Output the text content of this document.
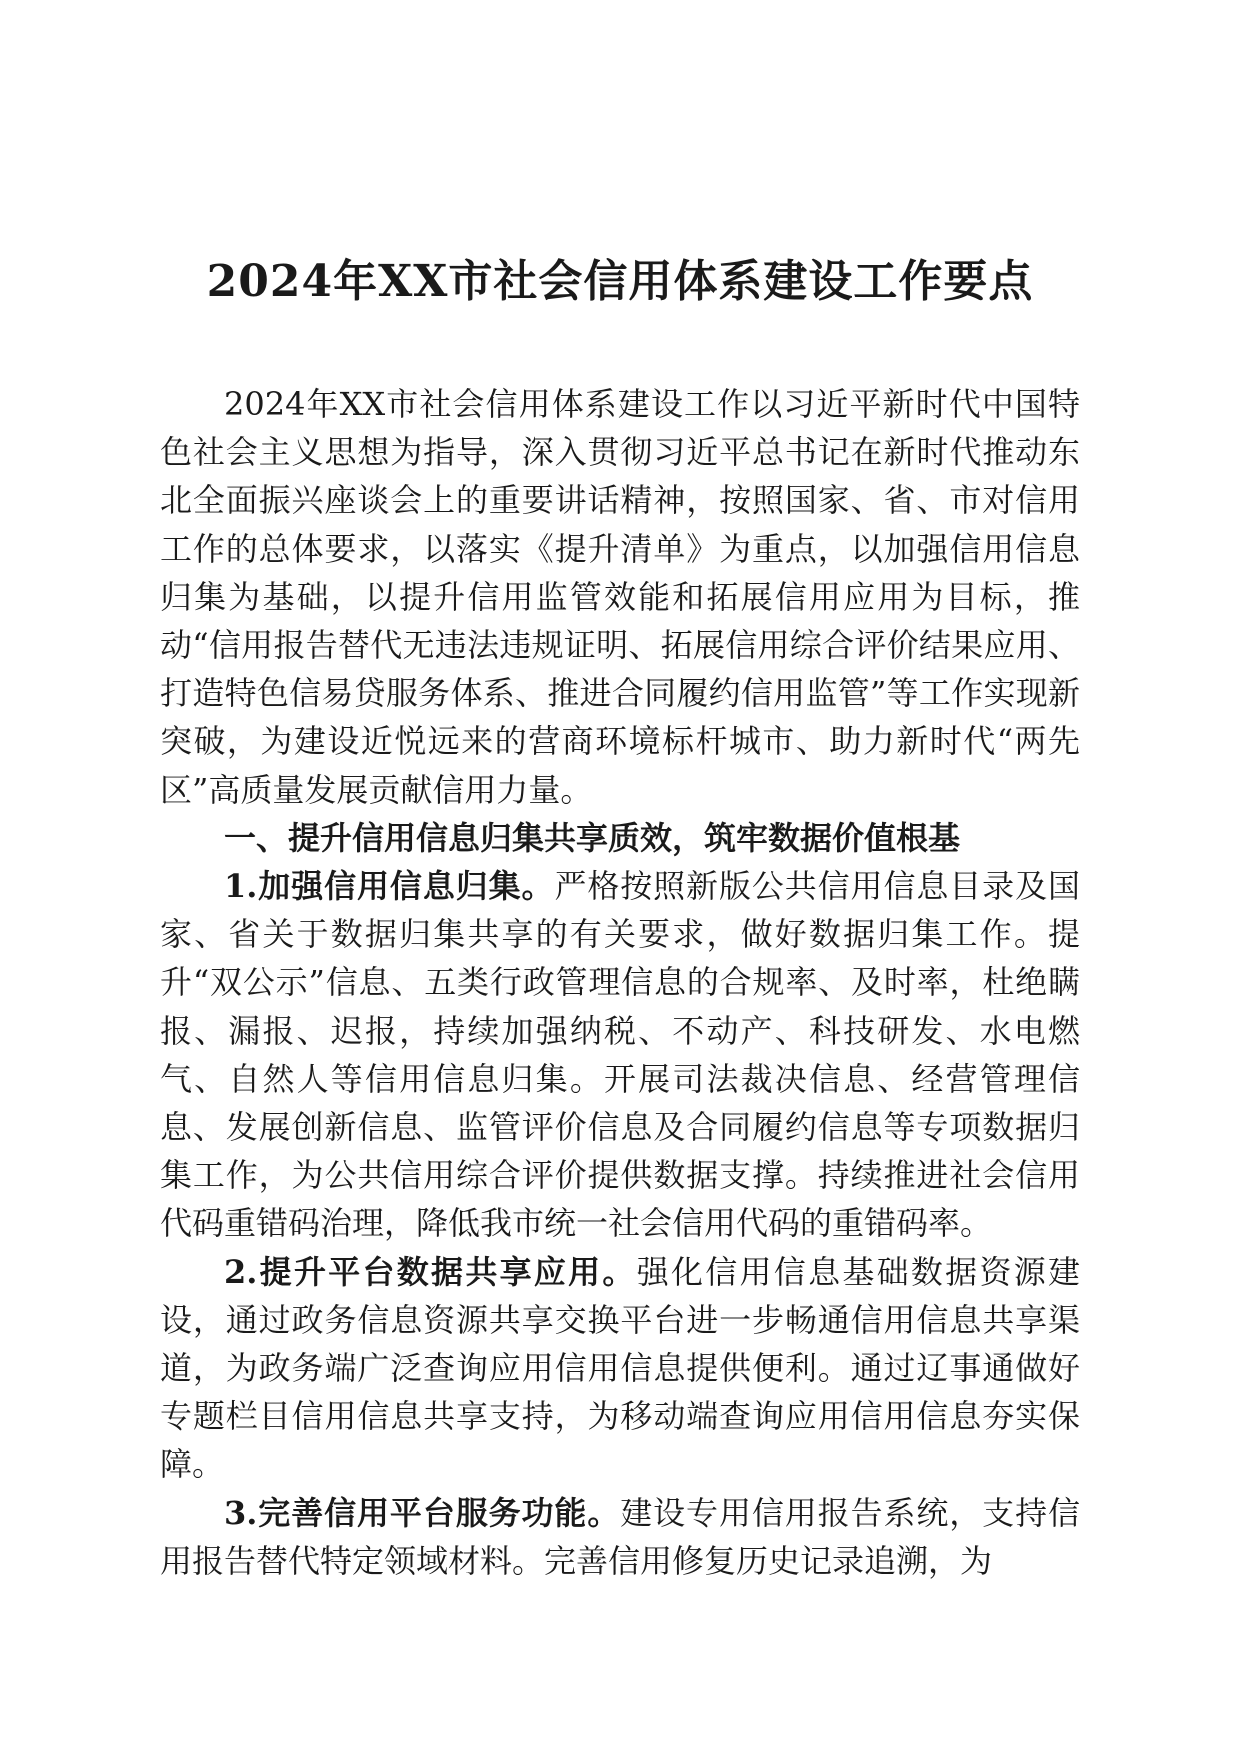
2024年XX市社会信用体系建设工作要点

2024年XX市社会信用体系建设工作以习近平新时代中国特色社会主义思想为指导，深入贯彻习近平总书记在新时代推动东北全面振兴座谈会上的重要讲话精神，按照国家、省、市对信用工作的总体要求，以落实《提升清单》为重点，以加强信用信息归集为基础，以提升信用监管效能和拓展信用应用为目标，推动“信用报告替代无违法违规证明、拓展信用综合评价结果应用、打造特色信易贷服务体系、推进合同履约信用监管”等工作实现新突破，为建设近悦远来的营商环境标杆城市、助力新时代“两先区”高质量发展贡献信用力量。

一、提升信用信息归集共享质效，筑牢数据价值根基

1.加强信用信息归集。严格按照新版公共信用信息目录及国家、省关于数据归集共享的有关要求，做好数据归集工作。提升“双公示”信息、五类行政管理信息的合规率、及时率，杜绝瞒报、漏报、迟报，持续加强纳税、不动产、科技研发、水电燃气、自然人等信用信息归集。开展司法裁决信息、经营管理信息、发展创新信息、监管评价信息及合同履约信息等专项数据归集工作，为公共信用综合评价提供数据支撑。持续推进社会信用代码重错码治理，降低我市统一社会信用代码的重错码率。

2.提升平台数据共享应用。强化信用信息基础数据资源建设，通过政务信息资源共享交换平台进一步畅通信用信息共享渠道，为政务端广泛查询应用信用信息提供便利。通过辽事通做好专题栏目信用信息共享支持，为移动端查询应用信用信息夯实保障。

3.完善信用平台服务功能。建设专用信用报告系统，支持信用报告替代特定领域材料。完善信用修复历史记录追溯，为
